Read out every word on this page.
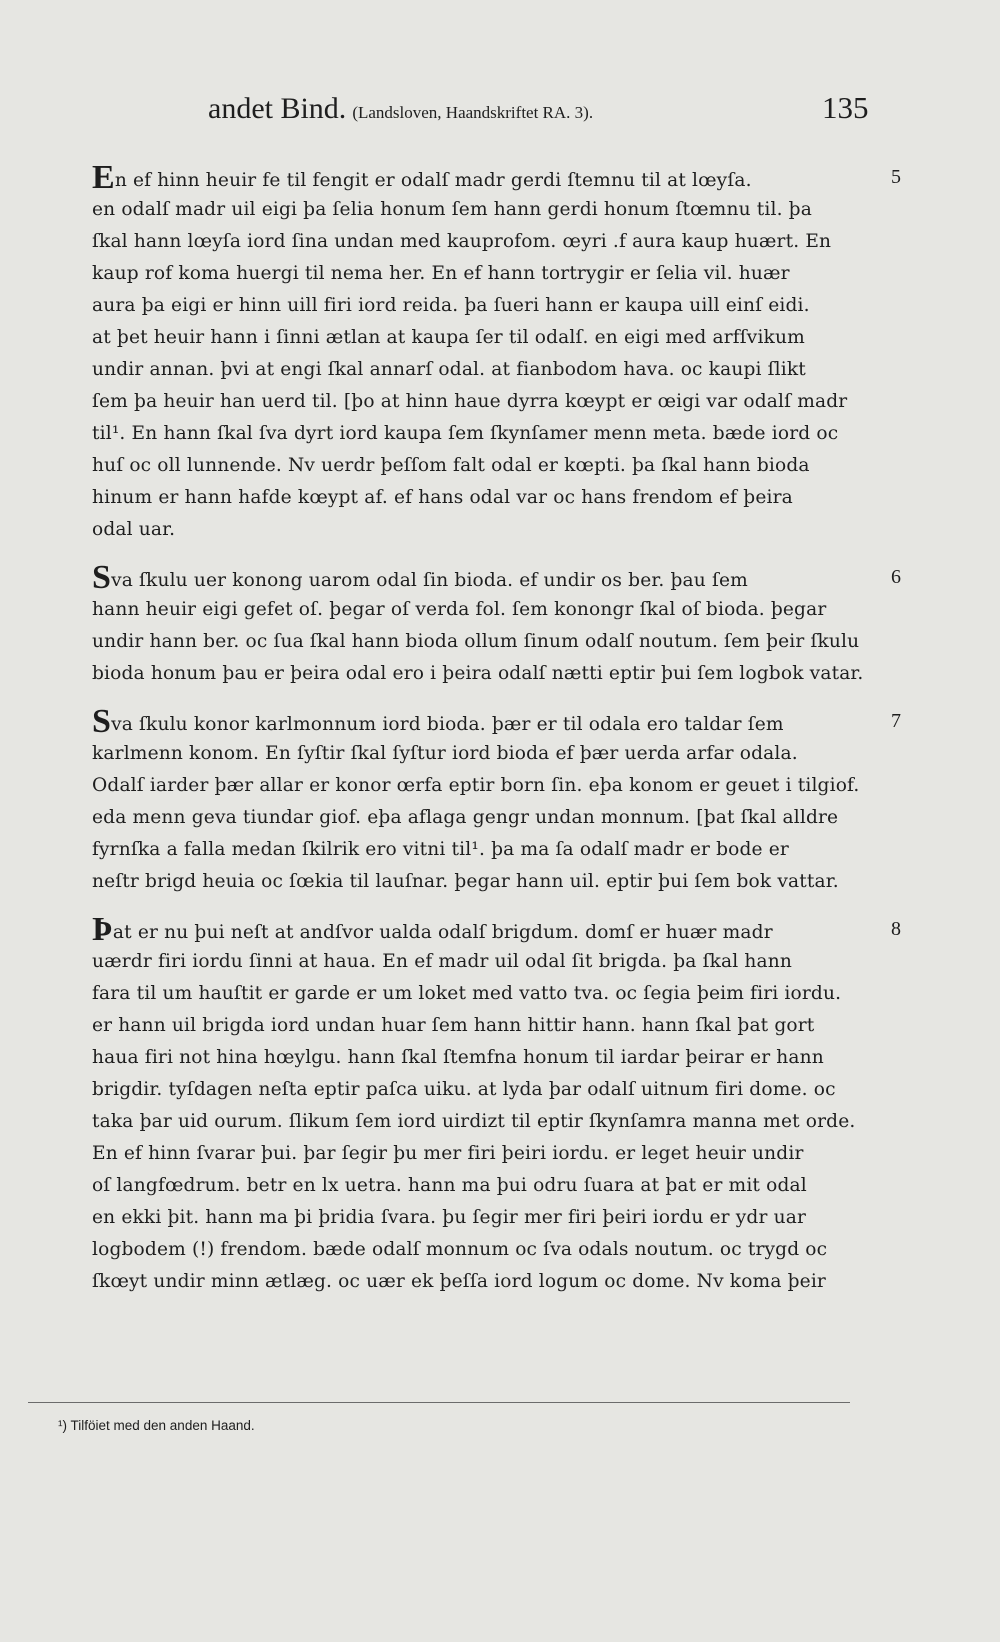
andet Bind. (Landsloven, Haandskriftet RA. 3).	135
5
En ef hinn heuir fe til fengit er odalſ madr gerdi ſtemnu til at lœyſa.
en odalſ madr uil eigi þa ſelia honum ſem hann gerdi honum ſtœmnu til. þa
ſkal hann lœyſa iord ſina undan med kauprofom. œyri .f aura kaup huært. En
kaup rof koma huergi til nema her. En ef hann tortrygir er ſelia vil. huær
aura þa eigi er hinn uill firi iord reida. þa ſueri hann er kaupa uill einſ eidi.
at þet heuir hann i ſinni ætlan at kaupa ſer til odalſ. en eigi med arfſvikum
undir annan. þvi at engi ſkal annarſ odal. at fianbodom hava. oc kaupi ſlikt
ſem þa heuir han uerd til. [þo at hinn haue dyrra kœypt er œigi var odalſ madr
til¹. En hann ſkal ſva dyrt iord kaupa ſem ſkynſamer menn meta. bæde iord oc
huſ oc oll lunnende. Nv uerdr þeſſom falt odal er kœpti. þa ſkal hann bioda
hinum er hann hafde kœypt af. ef hans odal var oc hans frendom ef þeira
odal uar.
6
Sva ſkulu uer konong uarom odal ſin bioda. ef undir os ber. þau ſem
hann heuir eigi gefet oſ. þegar oſ verda fol. ſem konongr ſkal oſ bioda. þegar
undir hann ber. oc ſua ſkal hann bioda ollum ſinum odalſ noutum. ſem þeir ſkulu
bioda honum þau er þeira odal ero i þeira odalſ nætti eptir þui ſem logbok vatar.
7
Sva ſkulu konor karlmonnum iord bioda. þær er til odala ero taldar ſem
karlmenn konom. En ſyſtir ſkal ſyſtur iord bioda ef þær uerda arfar odala.
Odalſ iarder þær allar er konor œrfa eptir born ſin. eþa konom er geuet i tilgiof.
eda menn geva tiundar giof. eþa aflaga gengr undan monnum. [þat ſkal alldre
fyrnſka a falla medan ſkilrik ero vitni til¹. þa ma ſa odalſ madr er bode er
neſtr brigd heuia oc ſœkia til lauſnar. þegar hann uil. eptir þui ſem bok vattar.
8
Þat er nu þui neſt at andſvor ualda odalſ brigdum. domſ er huær madr
uærdr firi iordu ſinni at haua. En ef madr uil odal ſit brigda. þa ſkal hann
fara til um hauſtit er garde er um loket med vatto tva. oc ſegia þeim firi iordu.
er hann uil brigda iord undan huar ſem hann hittir hann. hann ſkal þat gort
haua firi not hina hœylgu. hann ſkal ſtemfna honum til iardar þeirar er hann
brigdir. tyſdagen neſta eptir paſca uiku. at lyda þar odalſ uitnum firi dome. oc
taka þar uid ourum. ſlikum ſem iord uirdizt til eptir ſkynſamra manna met orde.
En ef hinn ſvarar þui. þar ſegir þu mer firi þeiri iordu. er leget heuir undir
oſ langfœdrum. betr en lx uetra. hann ma þui odru ſuara at þat er mit odal
en ekki þit. hann ma þi þridia ſvara. þu ſegir mer firi þeiri iordu er ydr uar
logbodem (!) frendom. bæde odalſ monnum oc ſva odals noutum. oc trygd oc
ſkœyt undir minn ætlæg. oc uær ek þeſſa iord logum oc dome. Nv koma þeir
¹) Tilföiet med den anden Haand.
